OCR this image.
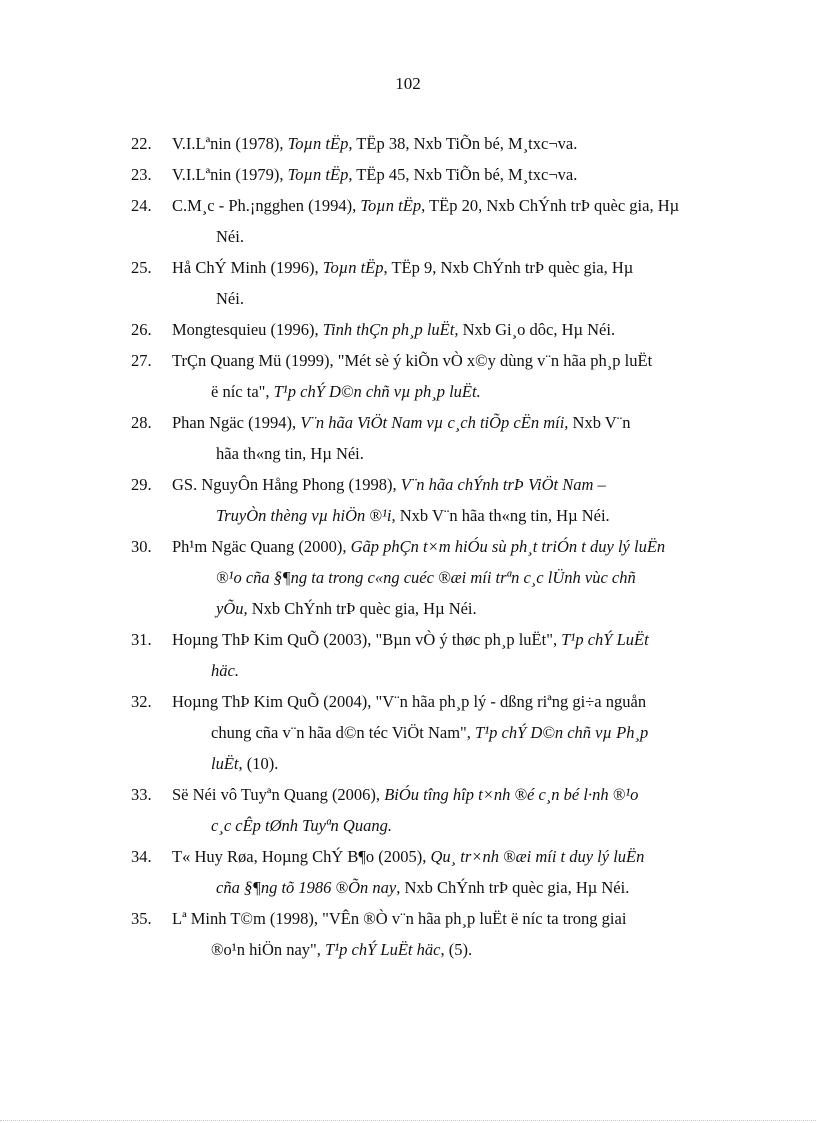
102
22. V.I.Lªnin (1978), Toµn tËp, TËp 38, Nxb TiÕn bé, M¸txc¬va.
23. V.I.Lªnin (1979), Toµn tËp, TËp 45, Nxb TiÕn bé, M¸txc¬va.
24. C.M¸c - Ph.¡ngghen (1994), Toµn tËp, TËp 20, Nxb ChÝnh trÞ quèc gia, Hµ
Néi.
25. Hå ChÝ Minh (1996), Toµn tËp, TËp 9, Nxb ChÝnh trÞ quèc gia, Hµ
Néi.
26. Mongtesquieu (1996), Tinh thÇn ph¸p luËt, Nxb Gi¸o dôc, Hµ Néi.
27. TrÇn Quang Mü (1999), "Mét sè ý kiÕn vÒ x©y dùng v¨n hãa ph¸p luËt
ë níc ta", T¹p chÝ D©n chñ vµ ph¸p luËt.
28. Phan Ngäc (1994), V¨n hãa ViÖt Nam vµ c¸ch tiÕp cËn míi, Nxb V¨n
hãa th«ng tin, Hµ Néi.
29. GS. NguyÔn Hång Phong (1998), V¨n hãa chÝnh trÞ ViÖt Nam –
TruyÒn thèng vµ hiÖn ®¹i, Nxb V¨n hãa th«ng tin, Hµ Néi.
30. Ph¹m Ngäc Quang (2000), Gãp phÇn t×m hiÓu sù ph¸t triÓn t duy lý luËn
®¹o cña §¶ng ta trong c«ng cuéc ®æi míi trªn c¸c lÜnh vùc chñ
yÕu, Nxb ChÝnh trÞ quèc gia, Hµ Néi.
31. Hoµng ThÞ Kim QuÕ (2003), "Bµn vÒ ý thøc ph¸p luËt", T¹p chÝ LuËt
häc.
32. Hoµng ThÞ Kim QuÕ (2004), "V¨n hãa ph¸p lý - dßng riªng gi÷a nguån
chung cña v¨n hãa d©n téc ViÖt Nam", T¹p chÝ D©n chñ vµ Ph¸p
luËt, (10).
33. Së Néi vô Tuyªn Quang (2006), BiÓu tîng hîp t×nh ®é c¸n bé l·nh ®¹o
c¸c cÊp tØnh Tuyªn Quang.
34. T« Huy Røa, Hoµng ChÝ B¶o (2005), Qu¸ tr×nh ®æi míi t duy lý luËn
cña §¶ng tõ 1986 ®Õn nay, Nxb ChÝnh trÞ quèc gia, Hµ Néi.
35. Lª Minh T©m (1998), "VÊn ®Ò v¨n hãa ph¸p luËt ë níc ta trong giai
®o¹n hiÖn nay", T¹p chÝ LuËt häc, (5).
